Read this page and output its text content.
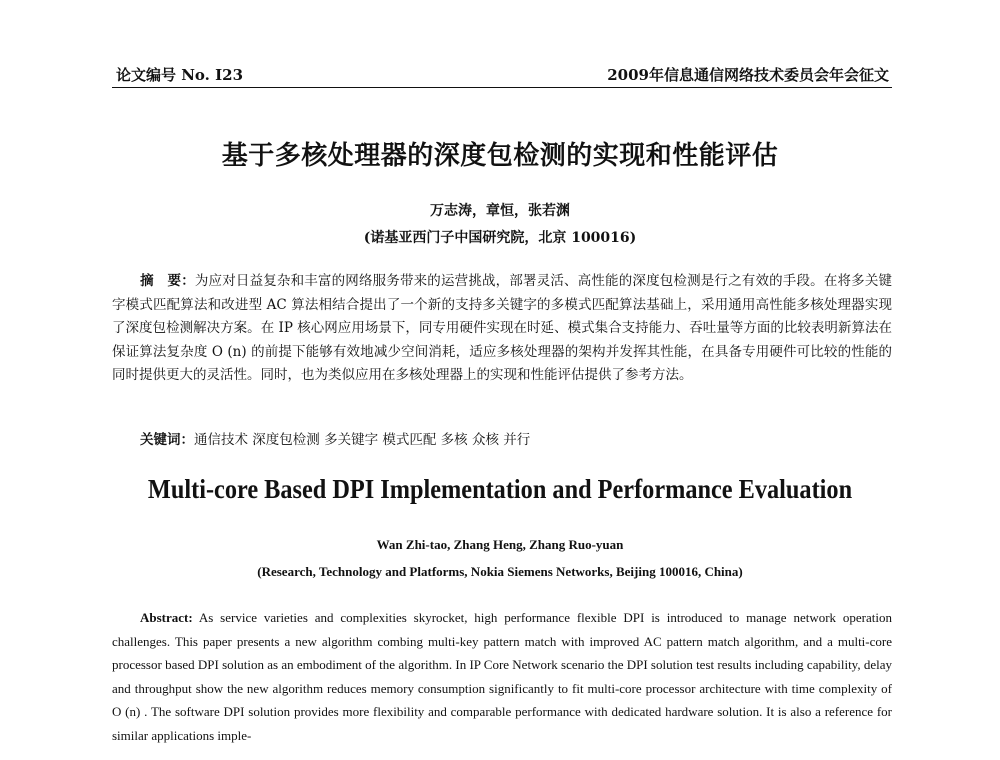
论文编号 No. I23	2009年信息通信网络技术委员会年会征文
基于多核处理器的深度包检测的实现和性能评估
万志涛，章恒，张若渊
(诺基亚西门子中国研究院，北京 100016)
摘　要：为应对日益复杂和丰富的网络服务带来的运营挑战，部署灵活、高性能的深度包检测是行之有效的手段。在将多关键字模式匹配算法和改进型 AC 算法相结合提出了一个新的支持多关键字的多模式匹配算法基础上，采用通用高性能多核处理器实现了深度包检测解决方案。在 IP 核心网应用场景下，同专用硬件实现在时延、模式集合支持能力、吞吐量等方面的比较表明新算法在保证算法复杂度 O (n) 的前提下能够有效地减少空间消耗，适应多核处理器的架构并发挥其性能，在具备专用硬件可比较的性能的同时提供更大的灵活性。同时，也为类似应用在多核处理器上的实现和性能评估提供了参考方法。
关键词：通信技术 深度包检测 多关键字 模式匹配 多核 众核 并行
Multi-core Based DPI Implementation and Performance Evaluation
Wan Zhi-tao, Zhang Heng, Zhang Ruo-yuan
(Research, Technology and Platforms, Nokia Siemens Networks, Beijing 100016, China)
Abstract: As service varieties and complexities skyrocket, high performance flexible DPI is introduced to manage network operation challenges. This paper presents a new algorithm combing multi-key pattern match with improved AC pattern match algorithm, and a multi-core processor based DPI solution as an embodiment of the algorithm. In IP Core Network scenario the DPI solution test results including capability, delay and throughput show the new algorithm reduces memory consumption significantly to fit multi-core processor architecture with time complexity of O (n) . The software DPI solution provides more flexibility and comparable performance with dedicated hardware solution. It is also a reference for similar applications imple-
